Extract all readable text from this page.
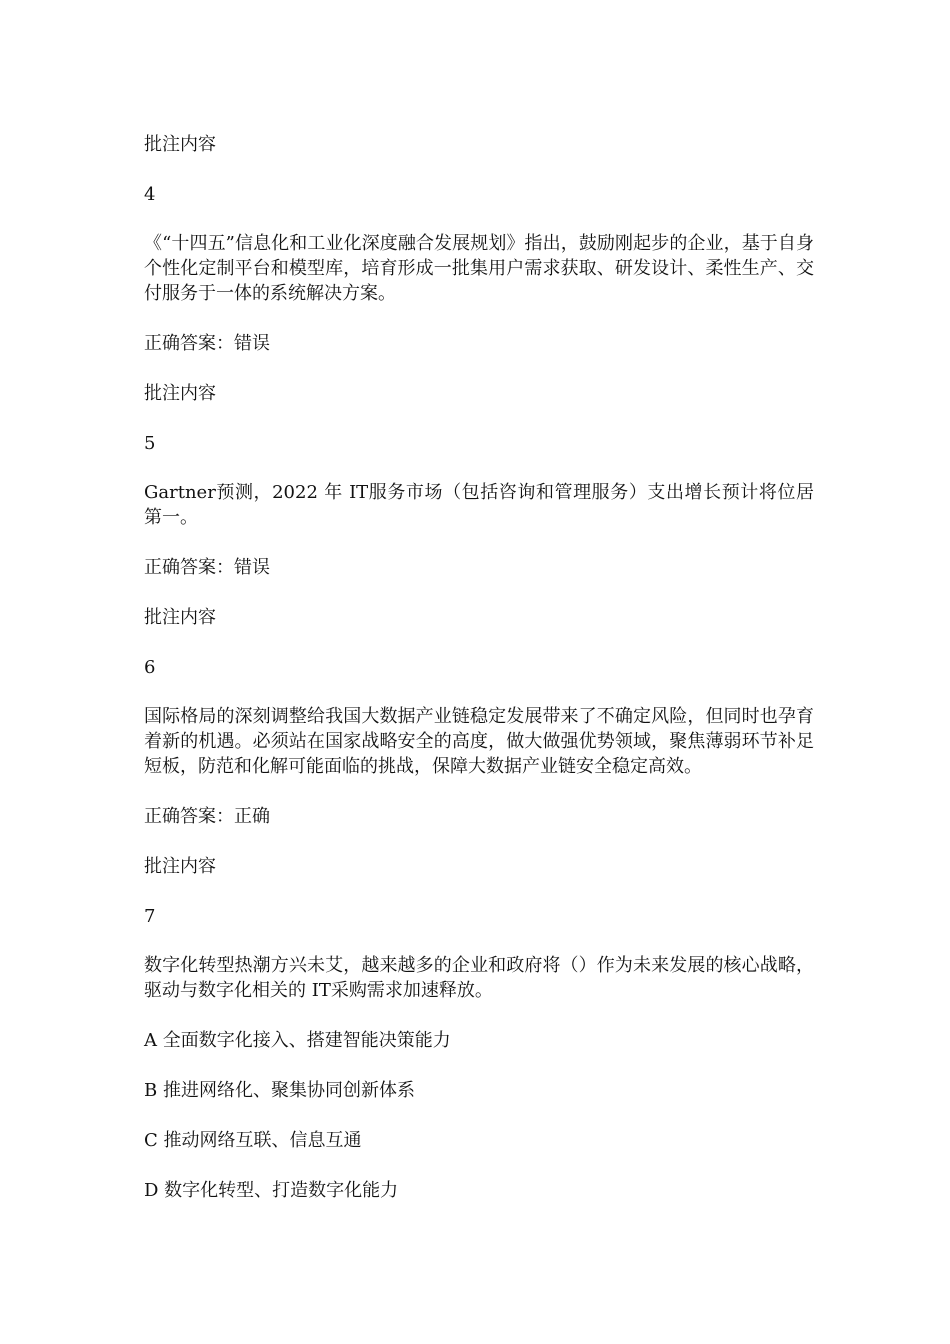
批注内容
4
《“十四五”信息化和工业化深度融合发展规划》指出，鼓励刚起步的企业，基于自身个性化定制平台和模型库，培育形成一批集用户需求获取、研发设计、柔性生产、交付服务于一体的系统解决方案。
正确答案：错误
批注内容
5
Gartner预测，2022 年 IT服务市场（包括咨询和管理服务）支出增长预计将位居第一。
正确答案：错误
批注内容
6
国际格局的深刻调整给我国大数据产业链稳定发展带来了不确定风险，但同时也孕育着新的机遇。必须站在国家战略安全的高度，做大做强优势领域，聚焦薄弱环节补足短板，防范和化解可能面临的挑战，保障大数据产业链安全稳定高效。
正确答案：正确
批注内容
7
数字化转型热潮方兴未艾，越来越多的企业和政府将（）作为未来发展的核心战略，驱动与数字化相关的 IT采购需求加速释放。
A 全面数字化接入、搭建智能决策能力
B 推进网络化、聚集协同创新体系
C 推动网络互联、信息互通
D 数字化转型、打造数字化能力
